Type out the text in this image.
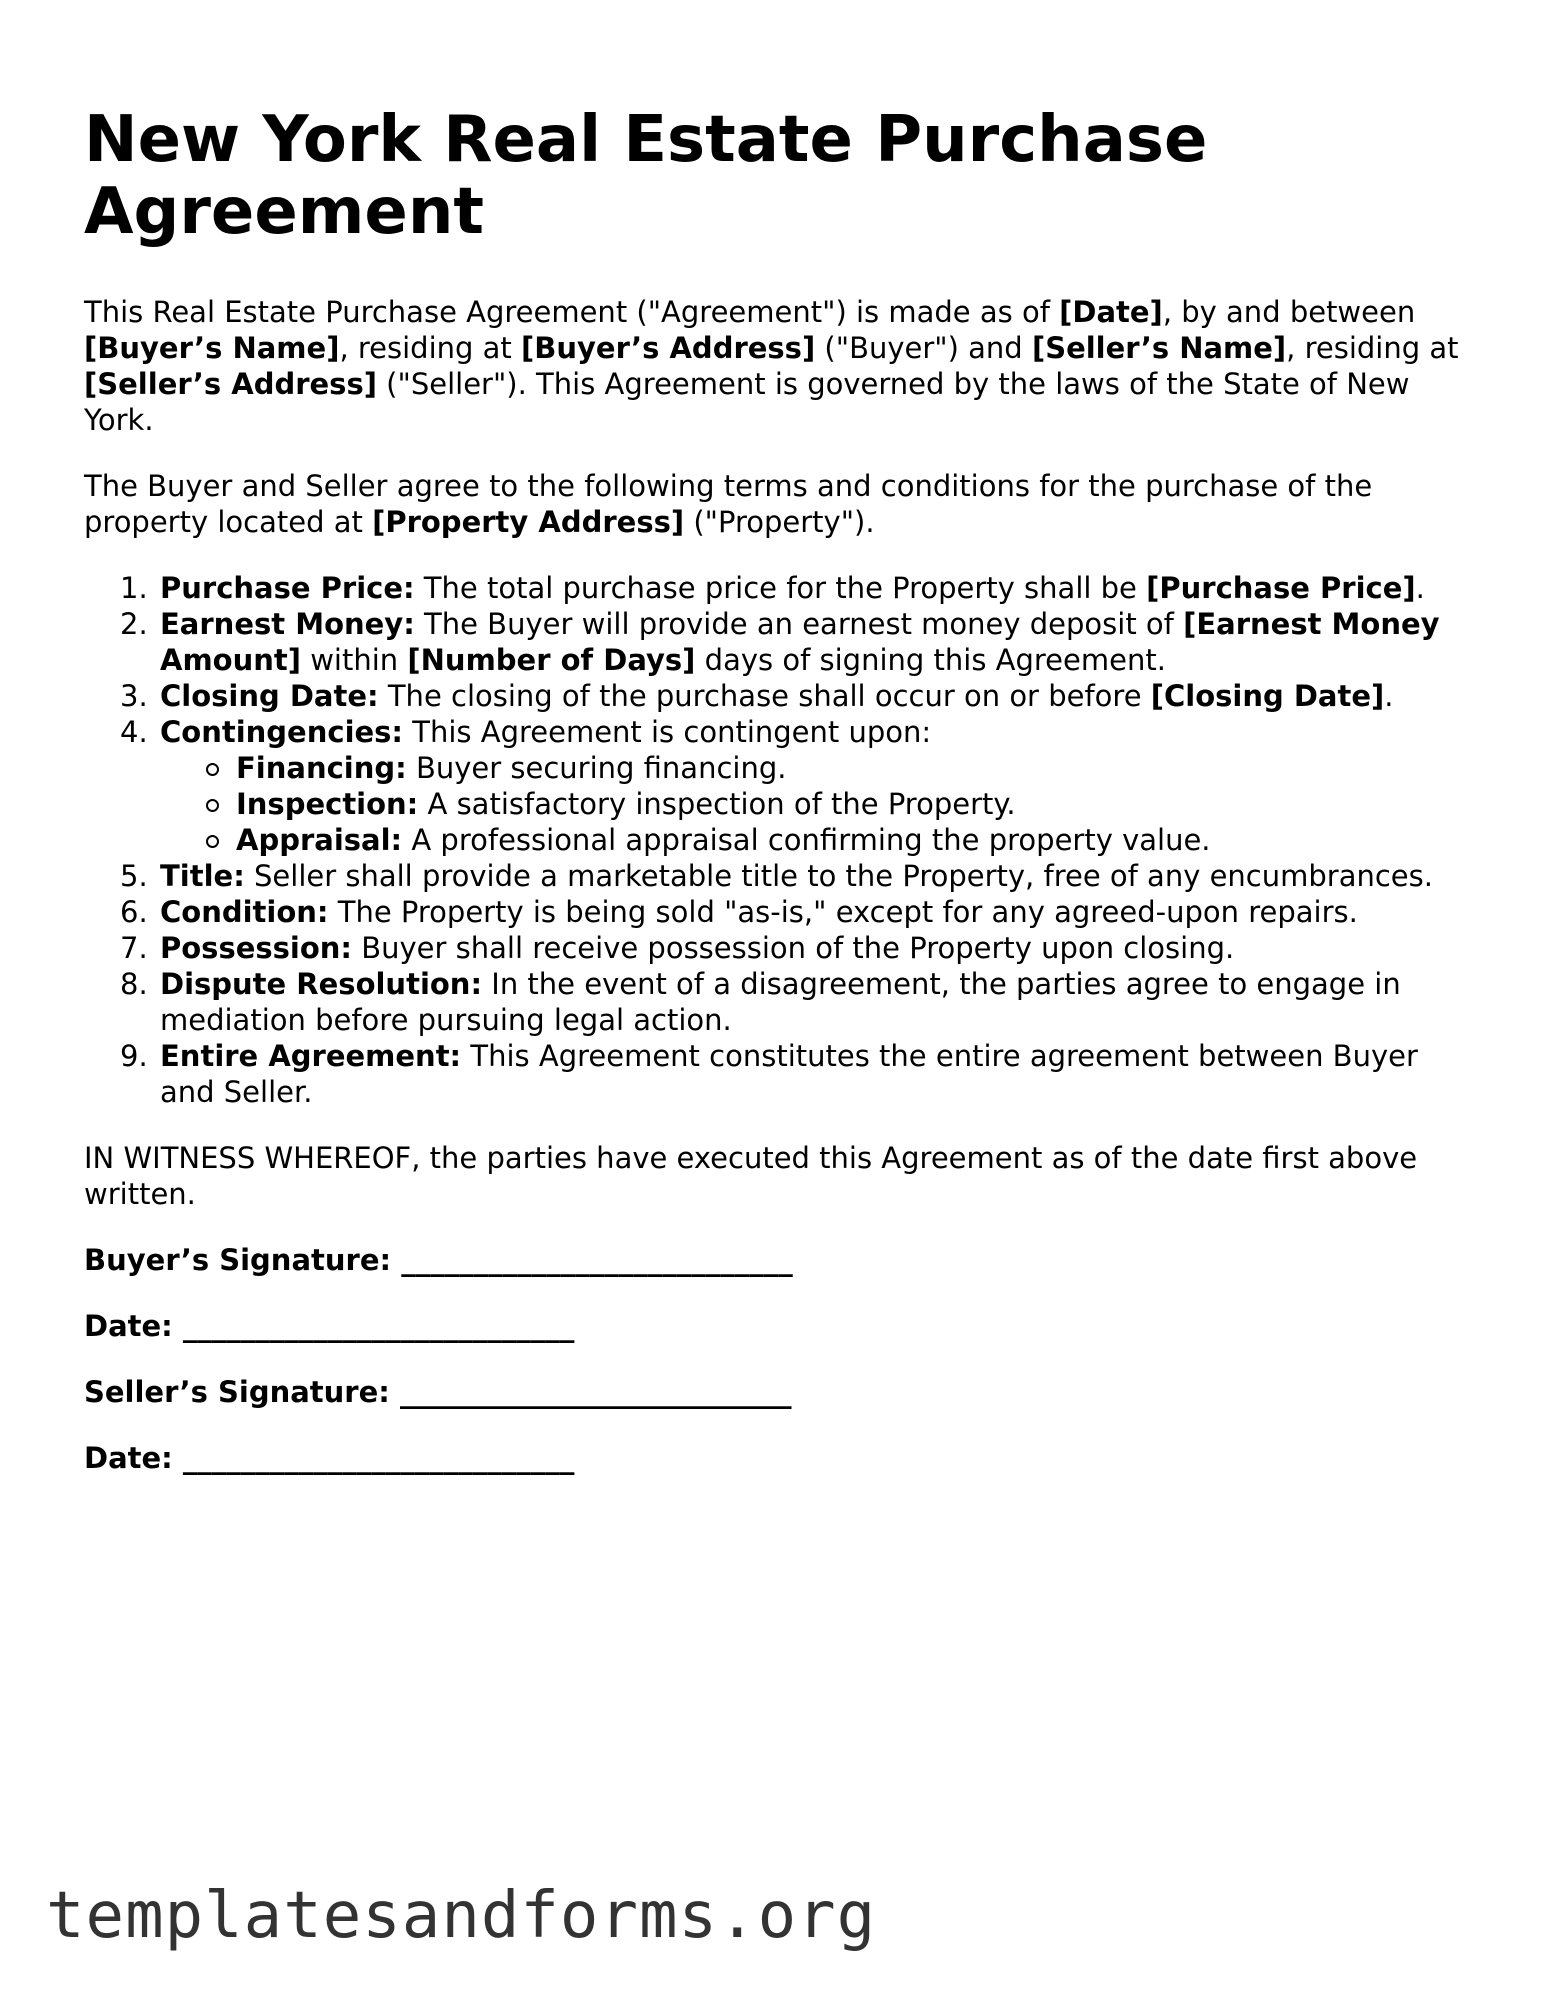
New York Real Estate Purchase Agreement

This Real Estate Purchase Agreement ("Agreement") is made as of [Date], by and between [Buyer’s Name], residing at [Buyer’s Address] ("Buyer") and [Seller’s Name], residing at [Seller’s Address] ("Seller"). This Agreement is governed by the laws of the State of New York.

The Buyer and Seller agree to the following terms and conditions for the purchase of the property located at [Property Address] ("Property").

1. Purchase Price: The total purchase price for the Property shall be [Purchase Price].
2. Earnest Money: The Buyer will provide an earnest money deposit of [Earnest Money Amount] within [Number of Days] days of signing this Agreement.
3. Closing Date: The closing of the purchase shall occur on or before [Closing Date].
4. Contingencies: This Agreement is contingent upon:
Financing: Buyer securing financing.
Inspection: A satisfactory inspection of the Property.
Appraisal: A professional appraisal confirming the property value.
5. Title: Seller shall provide a marketable title to the Property, free of any encumbrances.
6. Condition: The Property is being sold "as-is," except for any agreed-upon repairs.
7. Possession: Buyer shall receive possession of the Property upon closing.
8. Dispute Resolution: In the event of a disagreement, the parties agree to engage in mediation before pursuing legal action.
9. Entire Agreement: This Agreement constitutes the entire agreement between Buyer and Seller.

IN WITNESS WHEREOF, the parties have executed this Agreement as of the date first above written.

Buyer’s Signature: ___________________________
Date: ___________________________
Seller’s Signature: ___________________________
Date: ___________________________
templatesandforms.org
